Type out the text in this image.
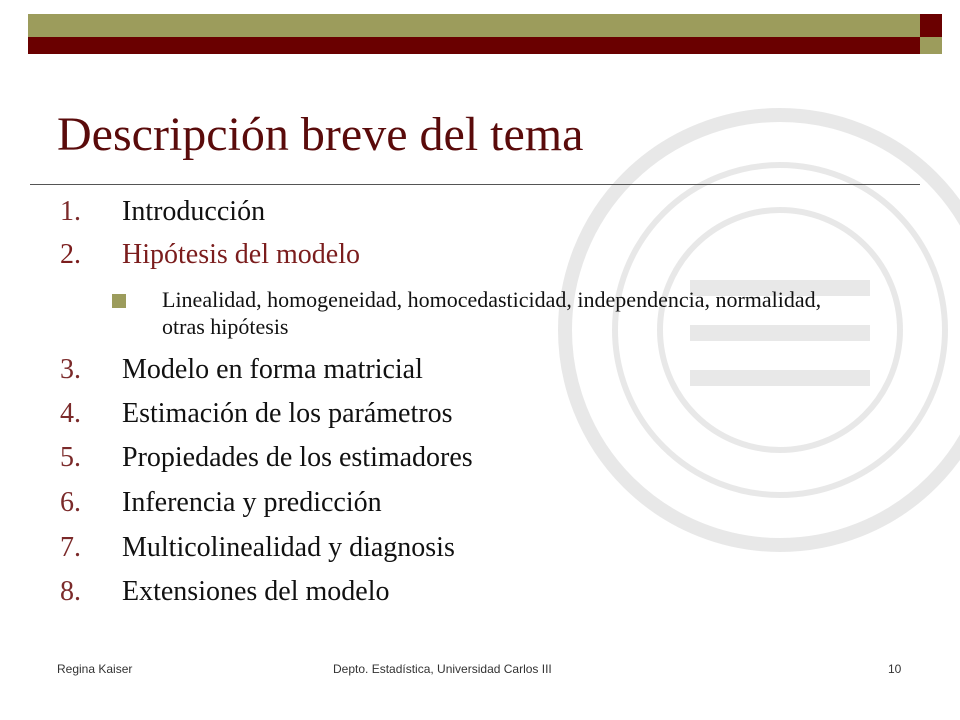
Descripción breve del tema
1. Introducción
2. Hipótesis del modelo
Linealidad, homogeneidad, homocedasticidad, independencia, normalidad, otras hipótesis
3. Modelo en forma matricial
4. Estimación de los parámetros
5. Propiedades de los estimadores
6. Inferencia y predicción
7. Multicolinealidad y diagnosis
8. Extensiones del modelo
Regina Kaiser	Depto. Estadística, Universidad Carlos III	10
